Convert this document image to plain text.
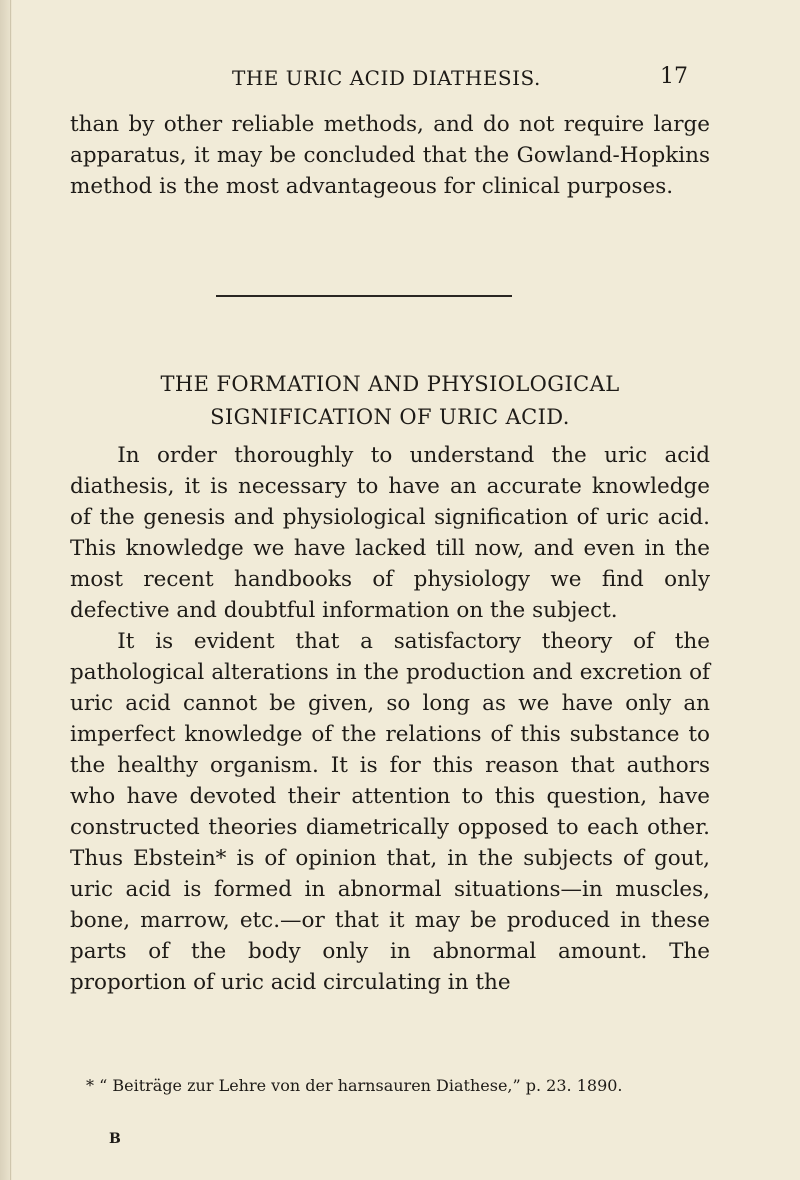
THE URIC ACID DIATHESIS.	17
than by other reliable methods, and do not require large apparatus, it may be concluded that the Gowland-Hopkins method is the most advantageous for clinical purposes.
THE FORMATION AND PHYSIOLOGICAL SIGNIFICATION OF URIC ACID.

In order thoroughly to understand the uric acid diathesis, it is necessary to have an accurate knowledge of the genesis and physiological signification of uric acid. This knowledge we have lacked till now, and even in the most recent handbooks of physiology we find only defective and doubtful information on the subject.

It is evident that a satisfactory theory of the pathological alterations in the production and excretion of uric acid cannot be given, so long as we have only an imperfect knowledge of the relations of this substance to the healthy organism. It is for this reason that authors who have devoted their attention to this question, have constructed theories diametrically opposed to each other. Thus Ebstein* is of opinion that, in the subjects of gout, uric acid is formed in abnormal situations—in muscles, bone, marrow, etc.—or that it may be produced in these parts of the body only in abnormal amount. The proportion of uric acid circulating in the

* “ Beiträge zur Lehre von der harnsauren Diathese,” p. 23. 1890.
B
